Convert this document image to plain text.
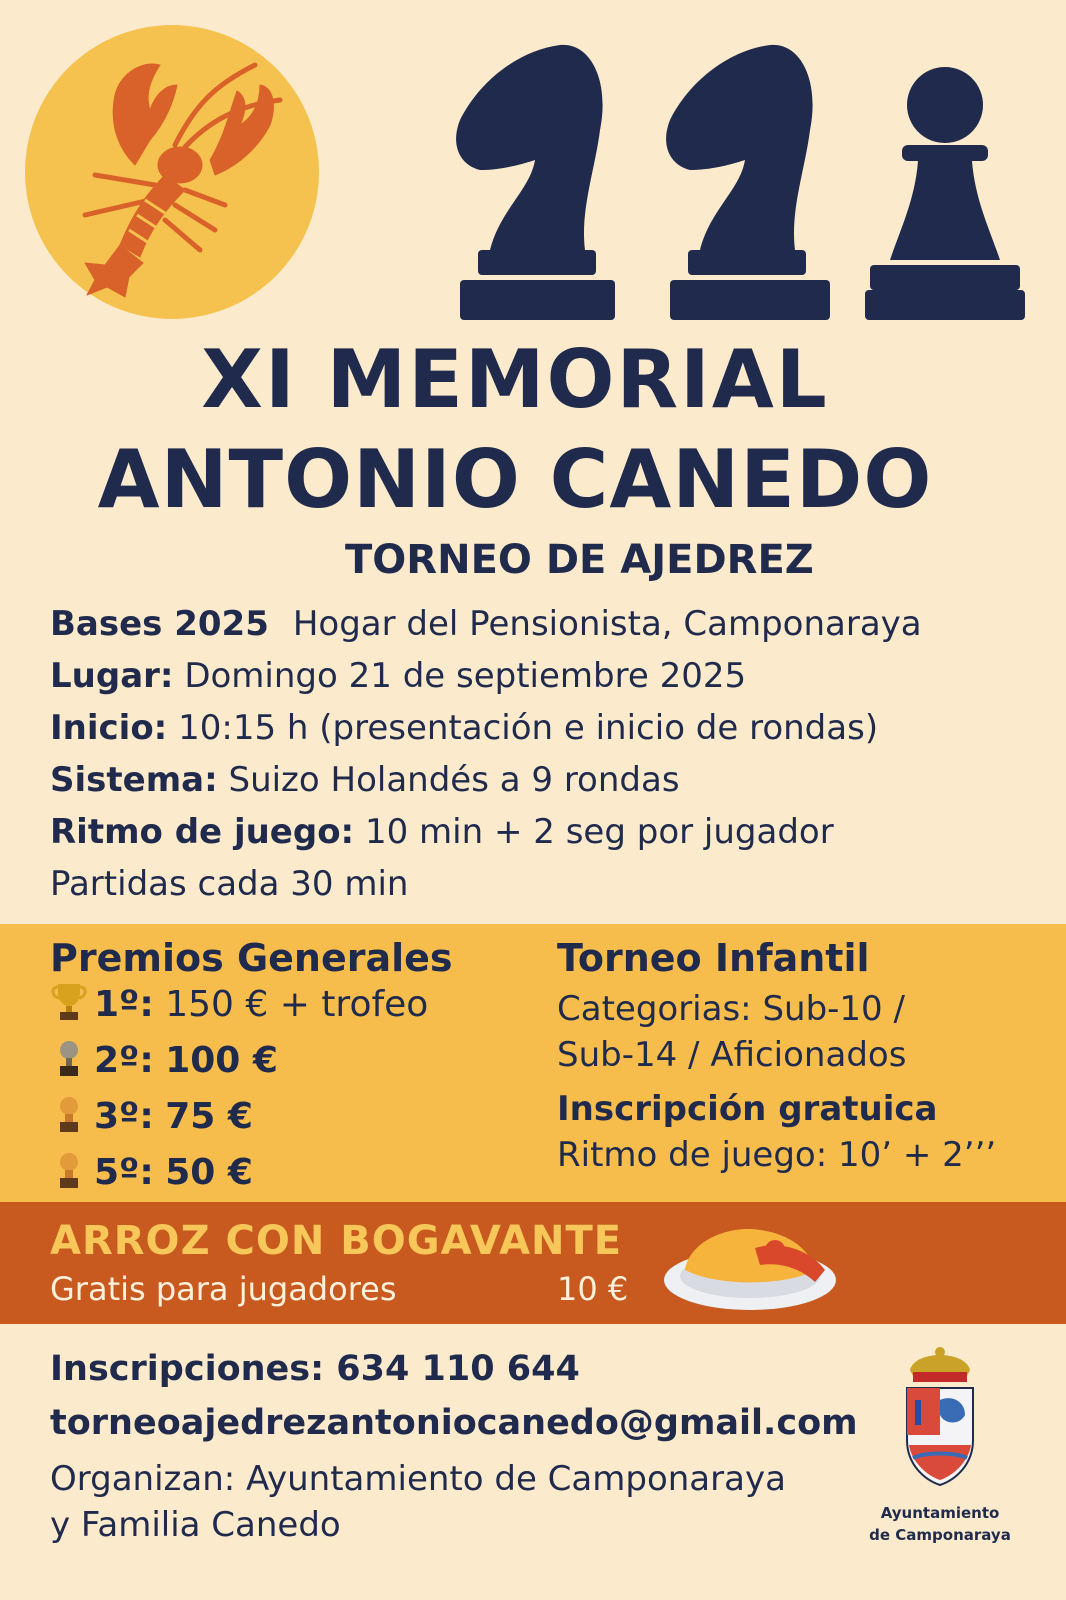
XI MEMORIAL
ANTONIO CANEDO
TORNEO DE AJEDREZ
Bases 2025 Hogar del Pensionista, Camponaraya
Lugar: Domingo 21 de septiembre 2025
Inicio: 10:15 h (presentación e inicio de rondas)
Sistema: Suizo Holandés a 9 rondas
Ritmo de juego: 10 min + 2 seg por jugador
Partidas cada 30 min
Premios Generales
1º: 150 € + trofeo
2º: 100 €
3º: 75 €
5º: 50 €
Torneo Infantil
Categorias: Sub-10 /
Sub-14 / Aficionados
Inscripción gratuica
Ritmo de juego: 10’ + 2’’’
ARROZ CON BOGAVANTE
Gratis para jugadores	10 €
Inscripciones: 634 110 644
torneoajedrezantoniocanedo@gmail.com
Organizan: Ayuntamiento de Camponaraya
y Familia Canedo	Ayuntamiento
de Camponaraya
